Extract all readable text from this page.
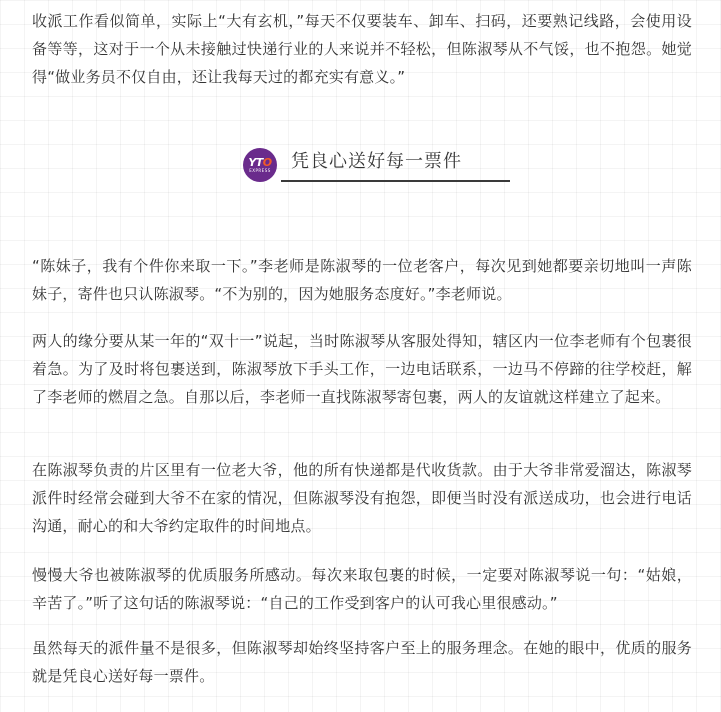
收派工作看似简单，实际上“大有玄机，”每天不仅要装车、卸车、扫码，还要熟记线路，会使用设备等等，这对于一个从未接触过快递行业的人来说并不轻松，但陈淑琴从不气馁，也不抱怨。她觉得“做业务员不仅自由，还让我每天过的都充实有意义。”

YTO
EXPRESS 凭良心送好每一票件

“陈妹子，我有个件你来取一下。”李老师是陈淑琴的一位老客户，每次见到她都要亲切地叫一声陈妹子，寄件也只认陈淑琴。“不为别的，因为她服务态度好。”李老师说。

两人的缘分要从某一年的“双十一”说起，当时陈淑琴从客服处得知，辖区内一位李老师有个包裹很着急。为了及时将包裹送到，陈淑琴放下手头工作，一边电话联系，一边马不停蹄的往学校赶，解了李老师的燃眉之急。自那以后，李老师一直找陈淑琴寄包裹，两人的友谊就这样建立了起来。

在陈淑琴负责的片区里有一位老大爷，他的所有快递都是代收货款。由于大爷非常爱溜达，陈淑琴派件时经常会碰到大爷不在家的情况，但陈淑琴没有抱怨，即便当时没有派送成功，也会进行电话沟通，耐心的和大爷约定取件的时间地点。

慢慢大爷也被陈淑琴的优质服务所感动。每次来取包裹的时候，一定要对陈淑琴说一句：“姑娘，辛苦了。”听了这句话的陈淑琴说：“自己的工作受到客户的认可我心里很感动。”

虽然每天的派件量不是很多，但陈淑琴却始终坚持客户至上的服务理念。在她的眼中，优质的服务就是凭良心送好每一票件。
